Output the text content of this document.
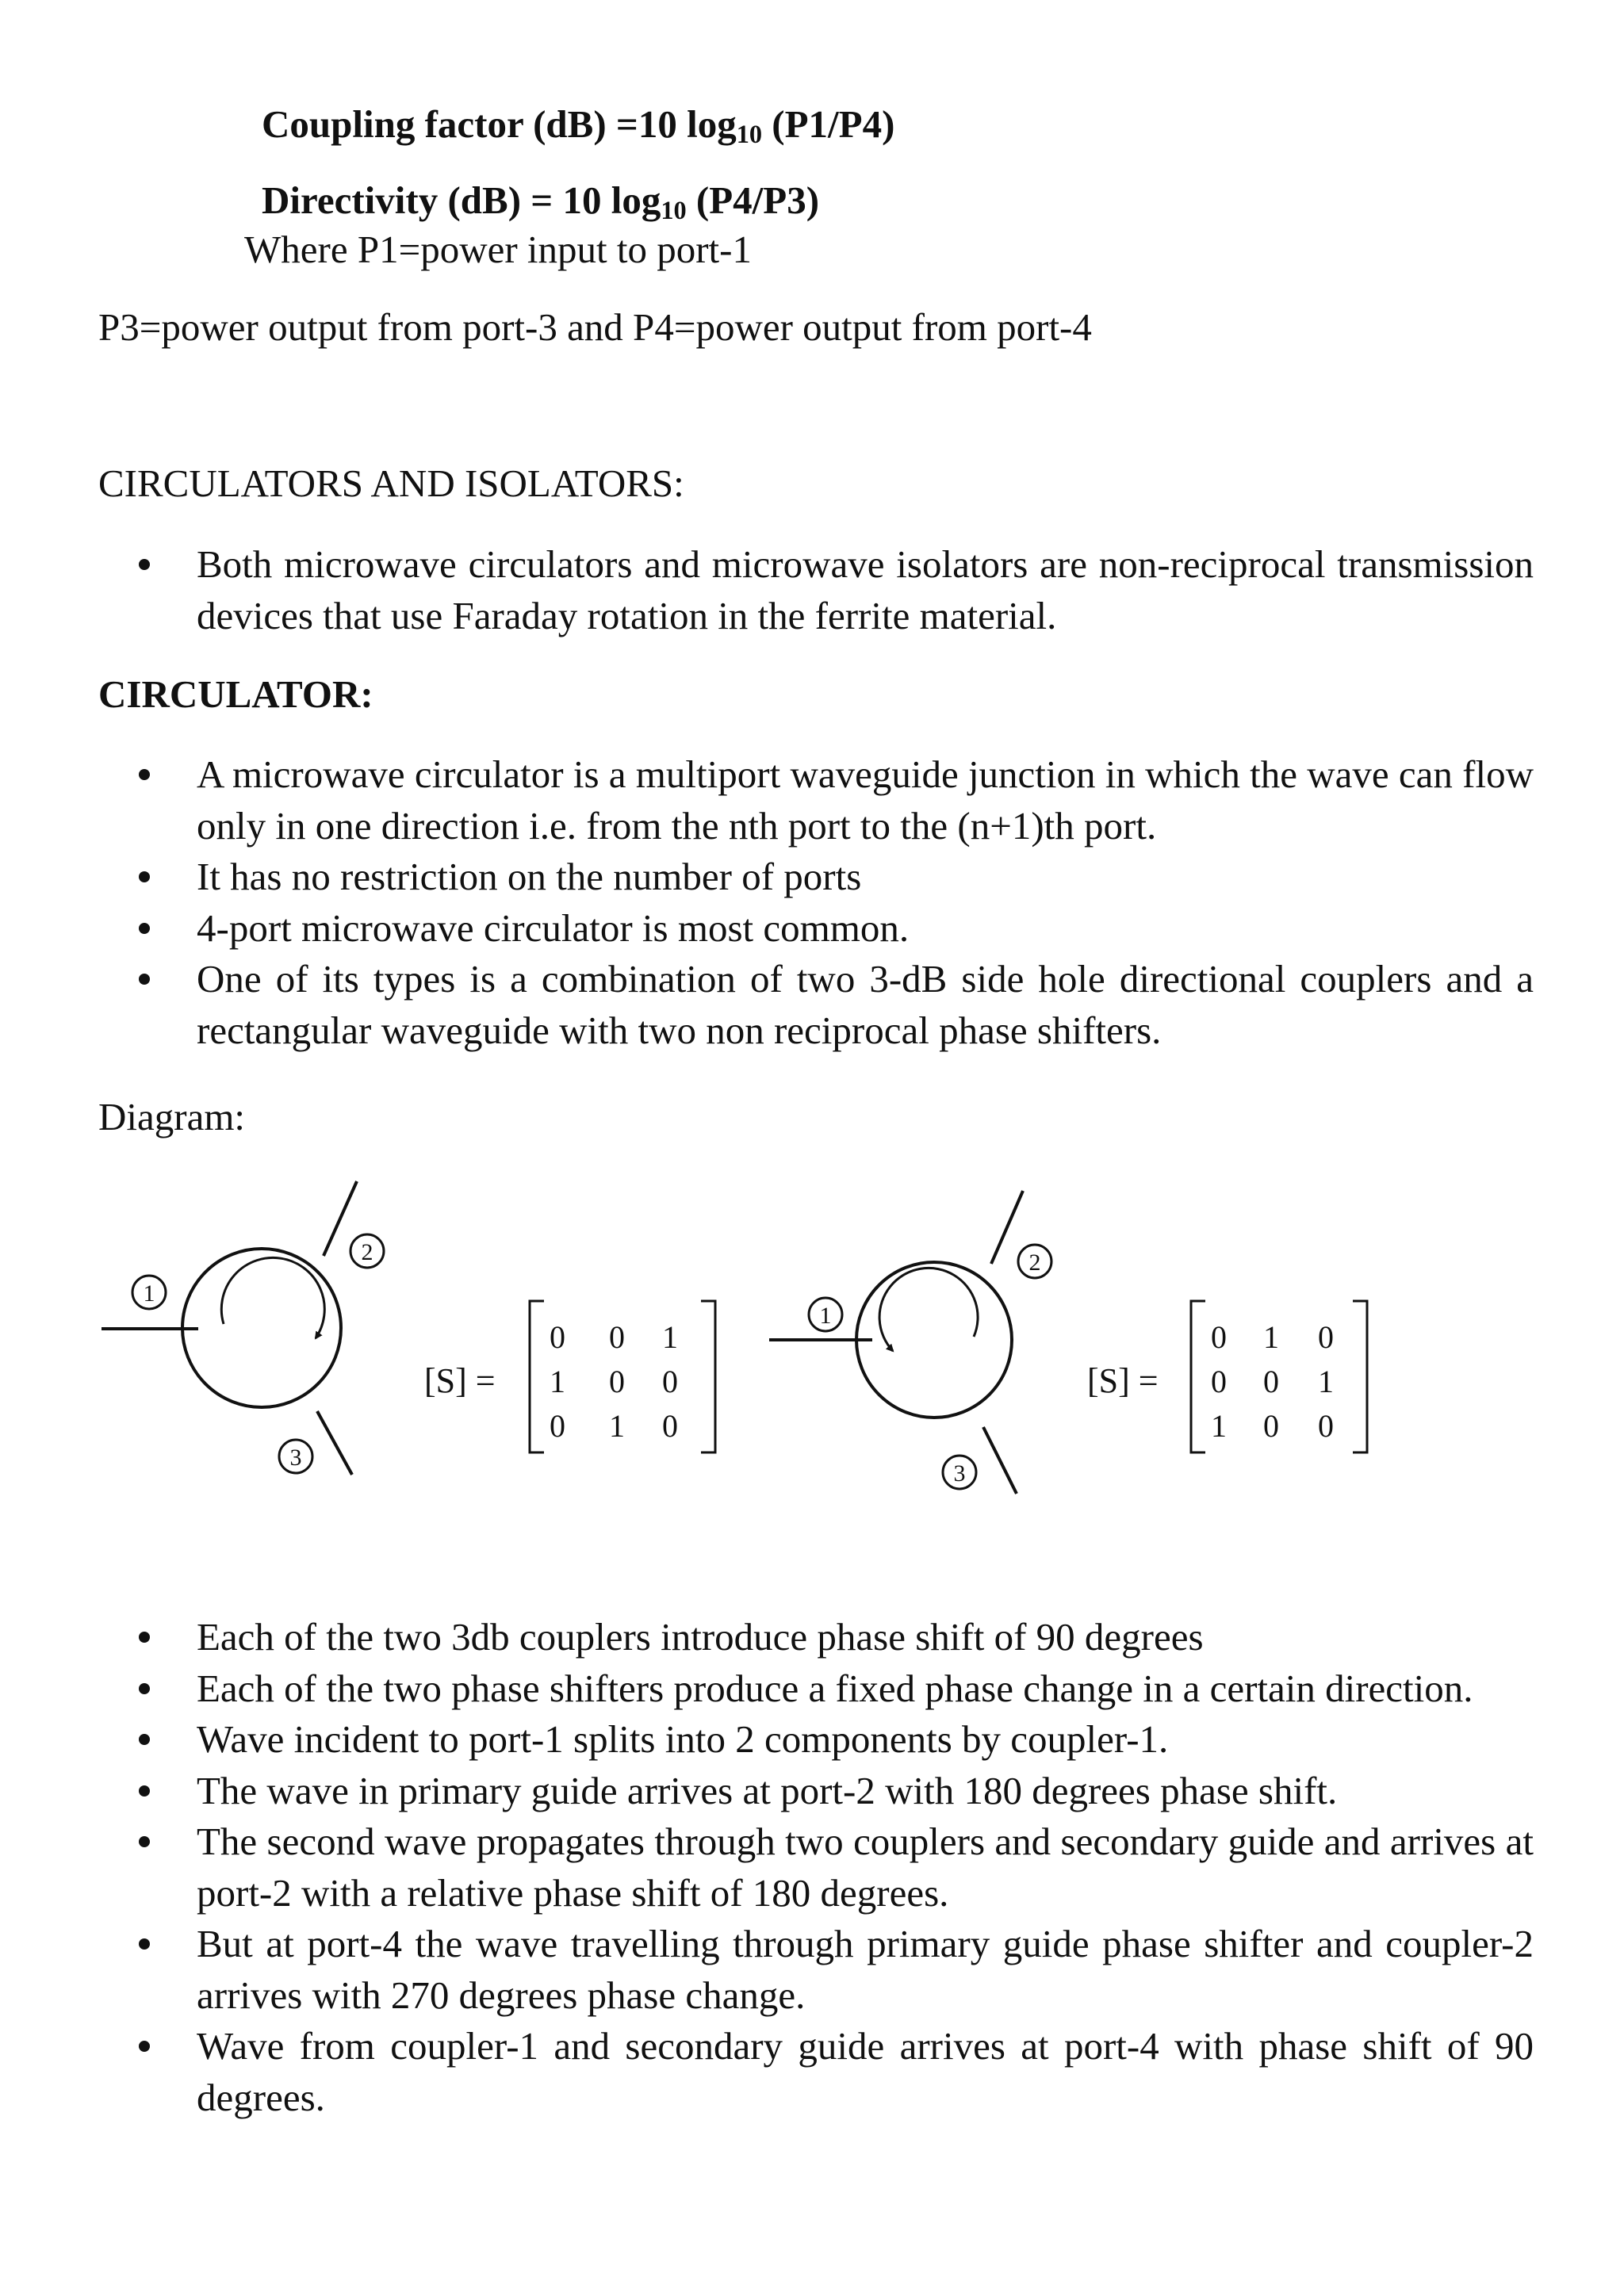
Coupling factor (dB) =10 $\log_{10} (P1/P4)$
Directivity (dB) = 10 $\log_{10} (P4/P3)$
Where P1=power input to port-1
P3=power output from port-3 and P4=power output from port-4
CIRCULATORS AND ISOLATORS:
Both microwave circulators and microwave isolators are non-reciprocal transmission devices that use Faraday rotation in the ferrite material.
CIRCULATOR:
A microwave circulator is a multiport waveguide junction in which the wave can flow only in one direction i.e. from the nth port to the (n+1)th port.
It has no restriction on the number of ports
4-port microwave circulator is most common.
One of its types is a combination of two 3-dB side hole directional couplers and a rectangular waveguide with two non reciprocal phase shifters.
Diagram:
1
2
3
[S] =
0 0 1
1 0 0
0 1 0
1
2
3
[S] =
0 1 0
0 0 1
1 0 0
Each of the two 3db couplers introduce phase shift of 90 degrees
Each of the two phase shifters produce a fixed phase change in a certain direction.
Wave incident to port-1 splits into 2 components by coupler-1.
The wave in primary guide arrives at port-2 with 180 degrees phase shift.
The second wave propagates through two couplers and secondary guide and arrives at port-2 with a relative phase shift of 180 degrees.
But at port-4 the wave travelling through primary guide phase shifter and coupler-2 arrives with 270 degrees phase change.
Wave from coupler-1 and secondary guide arrives at port-4 with phase shift of 90 degrees.
